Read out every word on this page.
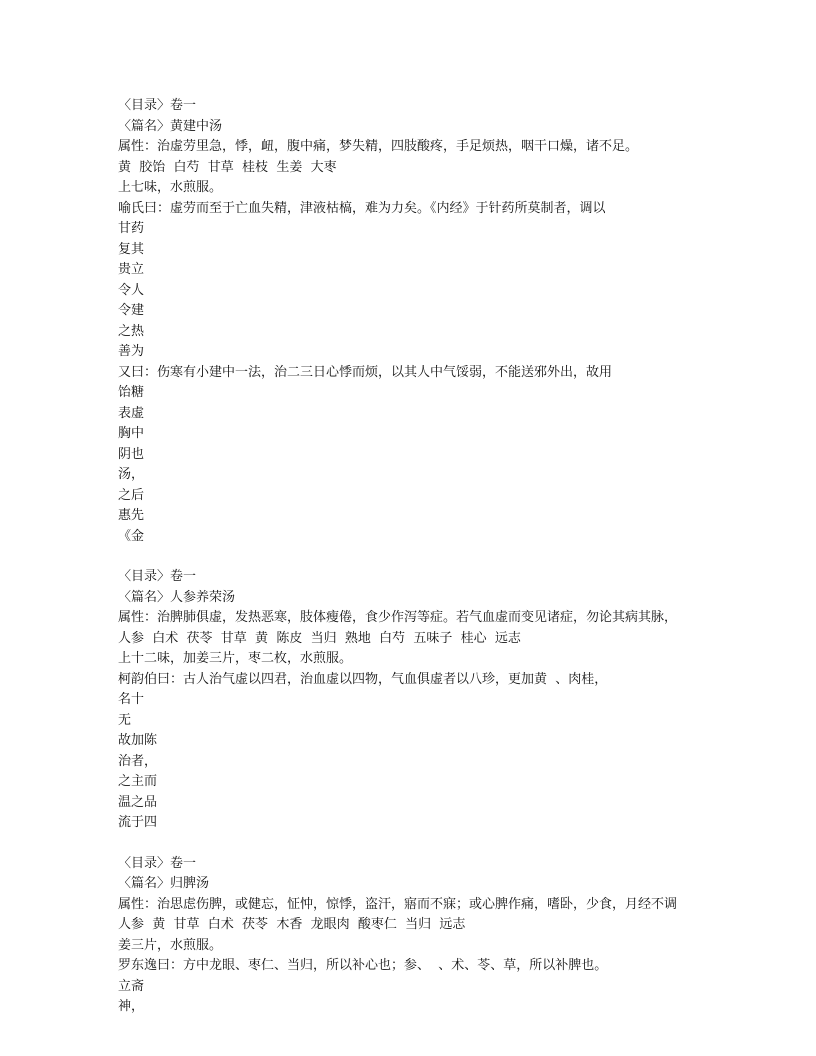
〈目录〉卷一

〈篇名〉黄建中汤

属性：治虚劳里急，悸，衄，腹中痛，梦失精，四肢酸疼，手足烦热，咽干口燥，诸不足。

黄  胶饴  白芍  甘草  桂枝  生姜  大枣

上七味，水煎服。

喻氏曰：虚劳而至于亡血失精，津液枯槁，难为力矣。《内经》于针药所莫制者，调以

甘药

复其

贵立

令人

令建

之热

善为

又曰：伤寒有小建中一法，治二三日心悸而烦，以其人中气馁弱，不能送邪外出，故用

饴糖

表虚

胸中

阴也

汤，

之后

惠先

《金

〈目录〉卷一

〈篇名〉人参养荣汤

属性：治脾肺俱虚，发热恶寒，肢体瘦倦，食少作泻等症。若气血虚而变见诸症，勿论其病其脉，

人参  白术  茯苓  甘草  黄  陈皮  当归  熟地  白芍  五味子  桂心  远志

上十二味，加姜三片，枣二枚，水煎服。

柯韵伯曰：古人治气虚以四君，治血虚以四物，气血俱虚者以八珍，更加黄  、肉桂，

名十

无

故加陈

治者，

之主而

温之品

流于四

〈目录〉卷一

〈篇名〉归脾汤

属性：治思虑伤脾，或健忘，怔忡，惊悸，盗汗，寤而不寐；或心脾作痛，嗜卧，少食，月经不调

人参  黄  甘草  白术  茯苓  木香  龙眼肉  酸枣仁  当归  远志

姜三片，水煎服。

罗东逸曰：方中龙眼、枣仁、当归，所以补心也；参、  、术、苓、草，所以补脾也。

立斋

神，
